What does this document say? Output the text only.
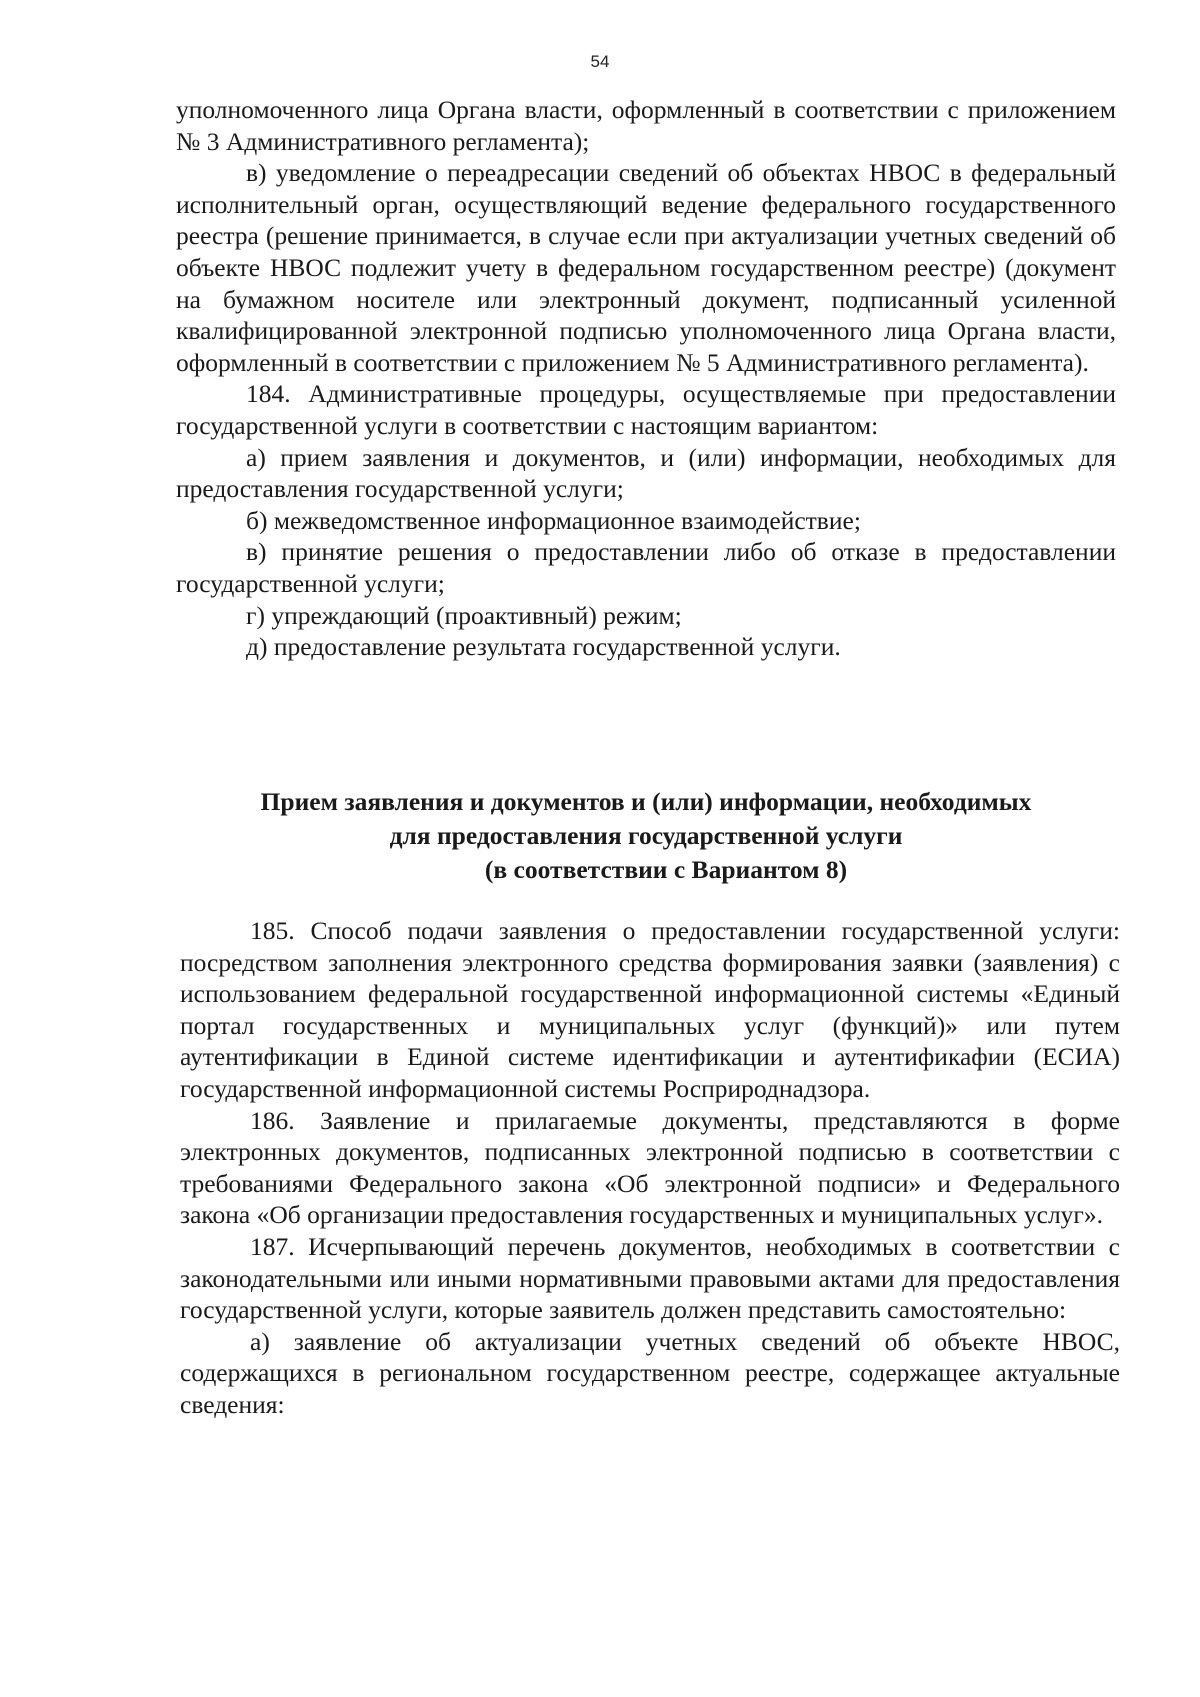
54

уполномоченного лица Органа власти, оформленный в соответствии с приложением № 3 Административного регламента);

в) уведомление о переадресации сведений об объектах НВОС в федеральный исполнительный орган, осуществляющий ведение федерального государственного реестра (решение принимается, в случае если при актуализации учетных сведений об объекте НВОС подлежит учету в федеральном государственном реестре) (документ на бумажном носителе или электронный документ, подписанный усиленной квалифицированной электронной подписью уполномоченного лица Органа власти, оформленный в соответствии с приложением № 5 Административного регламента).

184. Административные процедуры, осуществляемые при предоставлении государственной услуги в соответствии с настоящим вариантом:

а) прием заявления и документов, и (или) информации, необходимых для предоставления государственной услуги;

б) межведомственное информационное взаимодействие;

в) принятие решения о предоставлении либо об отказе в предоставлении государственной услуги;

г) упреждающий (проактивный) режим;

д) предоставление результата государственной услуги.

Прием заявления и документов и (или) информации, необходимых
для предоставления государственной услуги
(в соответствии с Вариантом 8)

185. Способ подачи заявления о предоставлении государственной услуги: посредством заполнения электронного средства формирования заявки (заявления) с использованием федеральной государственной информационной системы «Единый портал государственных и муниципальных услуг (функций)» или путем аутентификации в Единой системе идентификации и аутентификафии (ЕСИА) государственной информационной системы Росприроднадзора.

186. Заявление и прилагаемые документы, представляются в форме электронных документов, подписанных электронной подписью в соответствии с требованиями Федерального закона «Об электронной подписи» и Федерального закона «Об организации предоставления государственных и муниципальных услуг».

187. Исчерпывающий перечень документов, необходимых в соответствии с законодательными или иными нормативными правовыми актами для предоставления государственной услуги, которые заявитель должен представить самостоятельно:

а) заявление об актуализации учетных сведений об объекте НВОС, содержащихся в региональном государственном реестре, содержащее актуальные сведения:
